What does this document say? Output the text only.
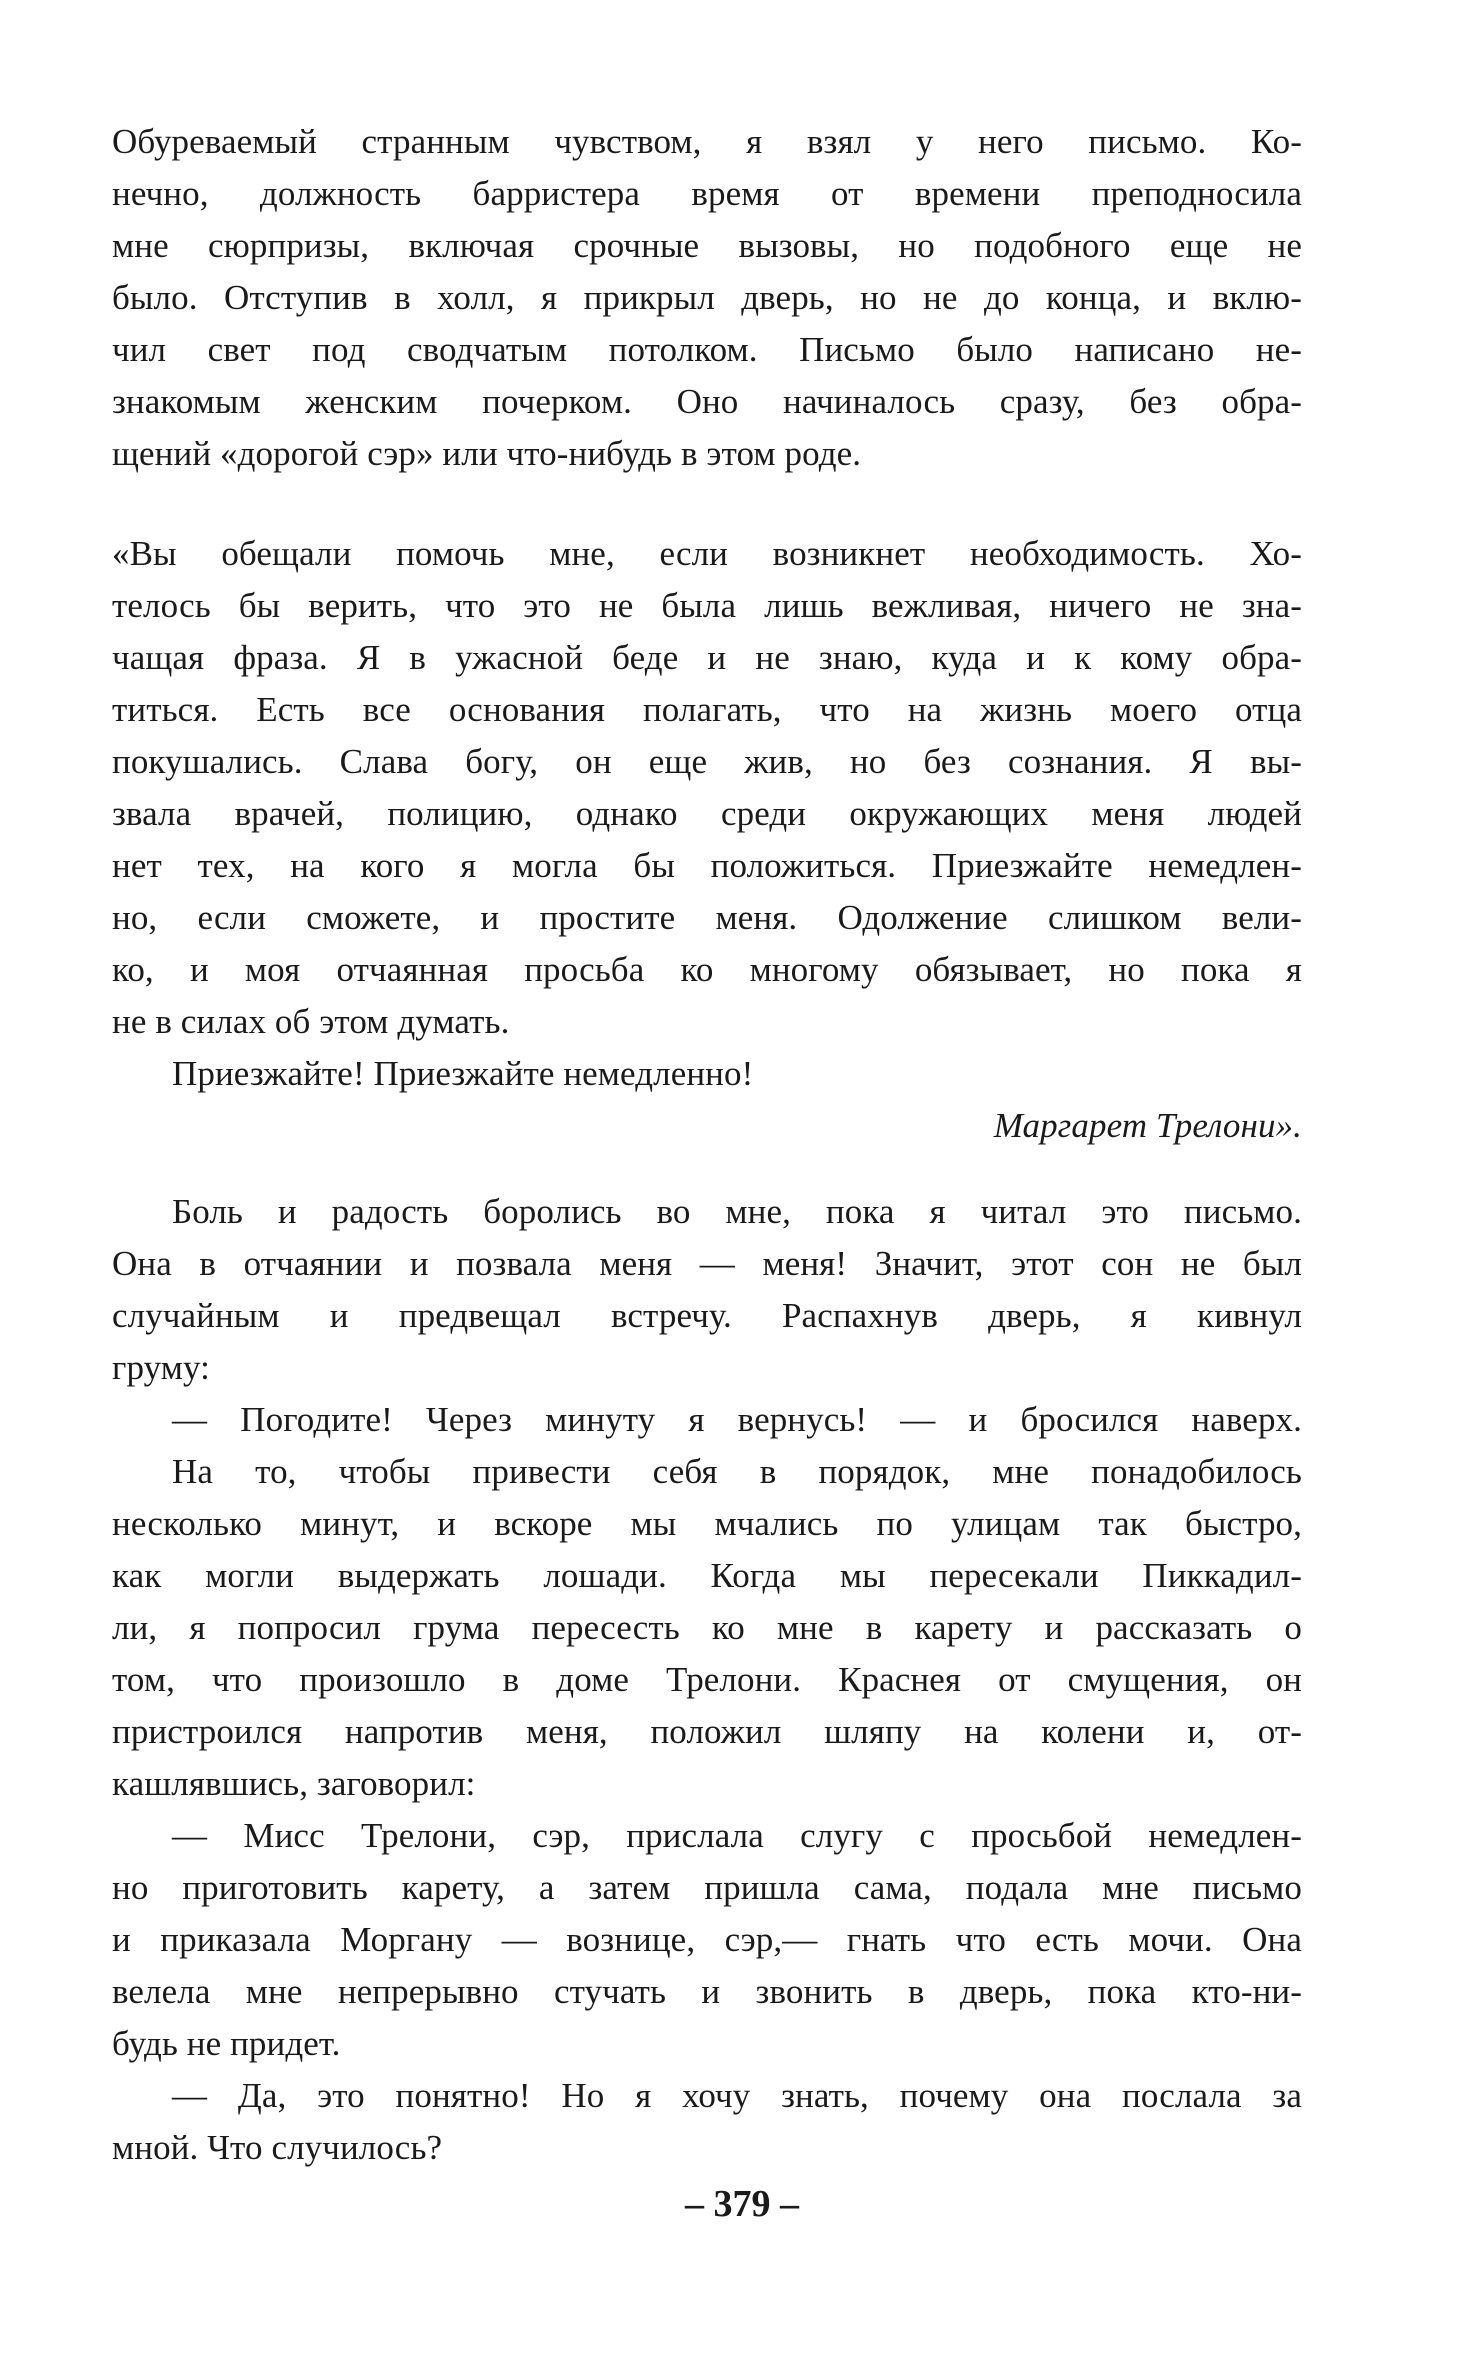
Обуреваемый странным чувством, я взял у него письмо. Ко-
нечно, должность барристера время от времени преподносила
мне сюрпризы, включая срочные вызовы, но подобного еще не
было. Отступив в холл, я прикрыл дверь, но не до конца, и вклю-
чил свет под сводчатым потолком. Письмо было написано не-
знакомым женским почерком. Оно начиналось сразу, без обра-
щений «дорогой сэр» или что-нибудь в этом роде.
«Вы обещали помочь мне, если возникнет необходимость. Хо-
телось бы верить, что это не была лишь вежливая, ничего не зна-
чащая фраза. Я в ужасной беде и не знаю, куда и к кому обра-
титься. Есть все основания полагать, что на жизнь моего отца
покушались. Слава богу, он еще жив, но без сознания. Я вы-
звала врачей, полицию, однако среди окружающих меня людей
нет тех, на кого я могла бы положиться. Приезжайте немедлен-
но, если сможете, и простите меня. Одолжение слишком вели-
ко, и моя отчаянная просьба ко многому обязывает, но пока я
не в силах об этом думать.
Приезжайте! Приезжайте немедленно!
Маргарет Трелони».
Боль и радость боролись во мне, пока я читал это письмо.
Она в отчаянии и позвала меня — меня! Значит, этот сон не был
случайным и предвещал встречу. Распахнув дверь, я кивнул
груму:
— Погодите! Через минуту я вернусь! — и бросился наверх.
На то, чтобы привести себя в порядок, мне понадобилось
несколько минут, и вскоре мы мчались по улицам так быстро,
как могли выдержать лошади. Когда мы пересекали Пиккадил-
ли, я попросил грума пересесть ко мне в карету и рассказать о
том, что произошло в доме Трелони. Краснея от смущения, он
пристроился напротив меня, положил шляпу на колени и, от-
кашлявшись, заговорил:
— Мисс Трелони, сэр, прислала слугу с просьбой немедлен-
но приготовить карету, а затем пришла сама, подала мне письмо
и приказала Моргану — вознице, сэр,— гнать что есть мочи. Она
велела мне непрерывно стучать и звонить в дверь, пока кто-ни-
будь не придет.
— Да, это понятно! Но я хочу знать, почему она послала за
мной. Что случилось?
– 379 –
